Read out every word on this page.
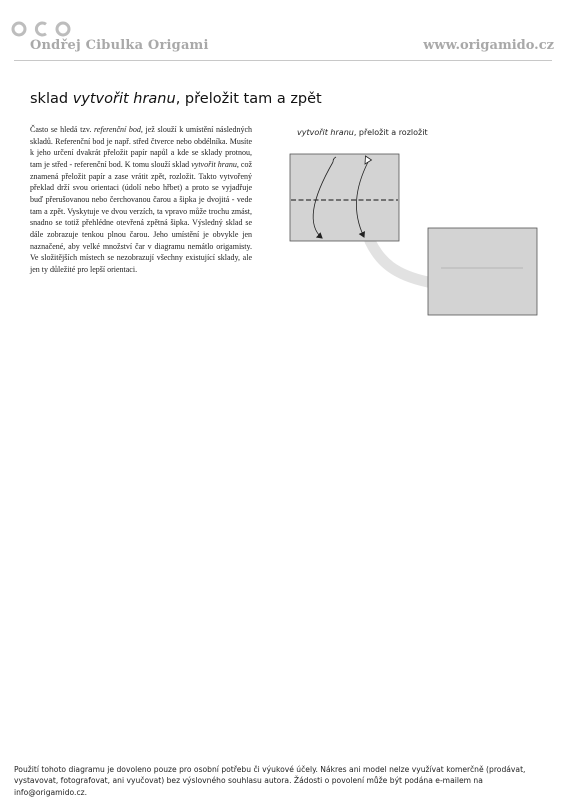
Ondřej Cibulka Origami	www.origamido.cz
sklad vytvořit hranu, přeložit tam a zpět
Často se hledá tzv. referenční bod, jež slouží k umístění následných skladů. Referenční bod je např. střed čtverce nebo obdélníka. Musíte k jeho určení dvakrát přeložit papír napůl a kde se sklady protnou, tam je střed - referenční bod. K tomu slouží sklad vytvořit hranu, což znamená přeložit papír a zase vrátit zpět, rozložit. Takto vytvořený překlad drží svou orientaci (údolí nebo hřbet) a proto se vyjadřuje buď přerušovanou nebo čerchovanou čarou a šipka je dvojitá - vede tam a zpět. Vyskytuje ve dvou verzích, ta vpravo může trochu zmást, snadno se totiž přehlédne otevřená zpětná šipka. Výsledný sklad se dále zobrazuje tenkou plnou čarou. Jeho umístění je obvykle jen naznačené, aby velké množství čar v diagramu nemátlo origamisty. Ve složitějších místech se nezobrazují všechny existující sklady, ale jen ty důležité pro lepší orientaci.
vytvořit hranu, přeložit a rozložit
Použití tohoto diagramu je dovoleno pouze pro osobní potřebu či výukové účely. Nákres ani model nelze využívat komerčně (prodávat, vystavovat, fotografovat, ani vyučovat) bez výslovného souhlasu autora. Žádosti o povolení může být podána e-mailem na info@origamido.cz.
